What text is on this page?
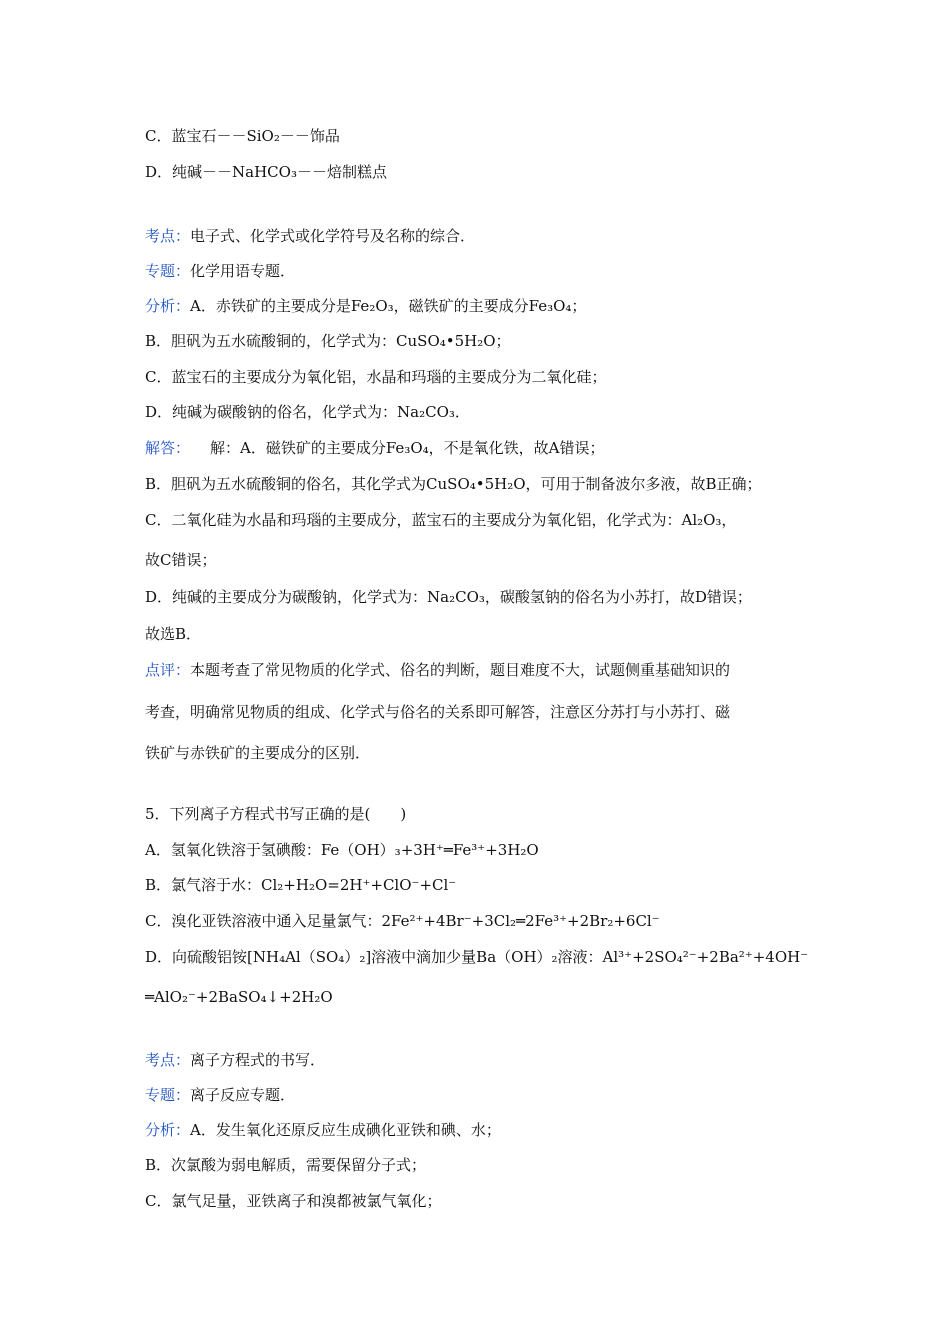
C．蓝宝石－－SiO₂－－饰品
D．纯碱－－NaHCO₃－－焙制糕点
考点：电子式、化学式或化学符号及名称的综合．
专题：化学用语专题．
分析：A．赤铁矿的主要成分是Fe₂O₃，磁铁矿的主要成分Fe₃O₄；
B．胆矾为五水硫酸铜的，化学式为：CuSO₄•5H₂O；
C．蓝宝石的主要成分为氧化铝，水晶和玛瑙的主要成分为二氧化硅；
D．纯碱为碳酸钠的俗名，化学式为：Na₂CO₃．
解答： 解：A．磁铁矿的主要成分Fe₃O₄，不是氧化铁，故A错误；
B．胆矾为五水硫酸铜的俗名，其化学式为CuSO₄•5H₂O，可用于制备波尔多液，故B正确；
C．二氧化硅为水晶和玛瑙的主要成分，蓝宝石的主要成分为氧化铝，化学式为：Al₂O₃，
故C错误；
D．纯碱的主要成分为碳酸钠，化学式为：Na₂CO₃，碳酸氢钠的俗名为小苏打，故D错误；
故选B．
点评：本题考查了常见物质的化学式、俗名的判断，题目难度不大，试题侧重基础知识的
考查，明确常见物质的组成、化学式与俗名的关系即可解答，注意区分苏打与小苏打、磁
铁矿与赤铁矿的主要成分的区别．
5．下列离子方程式书写正确的是(　　)
A．氢氧化铁溶于氢碘酸：Fe（OH）₃+3H⁺═Fe³⁺+3H₂O
B．氯气溶于水：Cl₂+H₂O=2H⁺+ClO⁻+Cl⁻
C．溴化亚铁溶液中通入足量氯气：2Fe²⁺+4Br⁻+3Cl₂═2Fe³⁺+2Br₂+6Cl⁻
D．向硫酸铝铵[NH₄Al（SO₄）₂]溶液中滴加少量Ba（OH）₂溶液：Al³⁺+2SO₄²⁻+2Ba²⁺+4OH⁻
═AlO₂⁻+2BaSO₄↓+2H₂O
考点：离子方程式的书写．
专题：离子反应专题．
分析：A．发生氧化还原反应生成碘化亚铁和碘、水；
B．次氯酸为弱电解质，需要保留分子式；
C．氯气足量，亚铁离子和溴都被氯气氧化；
